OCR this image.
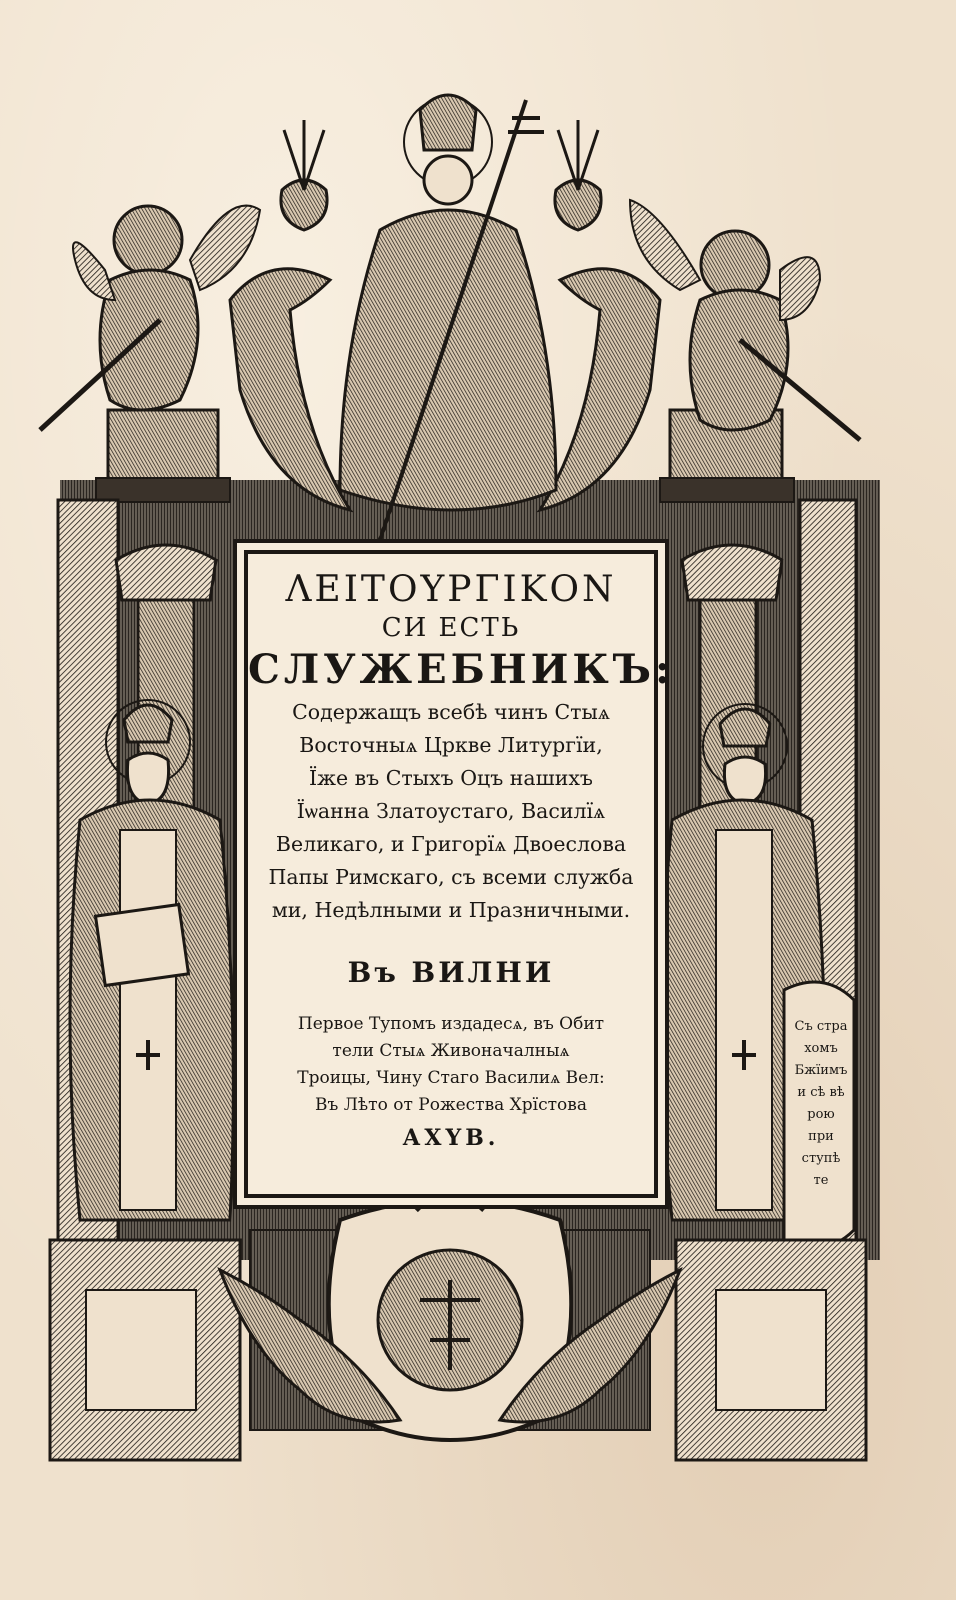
ΛΕΙΤΟΥΡΓΙΚΟΝ
СИ ЕСТЬ
СЛУЖЕБНИКЪ:
Содержащъ всебѣ чинъ Стыѧ
Восточныѧ Цркве Литургїи,
Їже въ Стыхъ Оцъ нашихъ
Їѡанна Златоустаго, Василїѧ
Великаго, и Григорїѧ Двоеслова
Папы Римскаго, съ всеми служба
ми, Недѣлными и Празничными.
Въ ВИЛНИ
Первое Тупомъ издадесѧ, въ Обит
тели Стыѧ Живоначалныѧ
Троицы, Чину Стаго Василиѧ Вел:
Въ Лѣто от Рожества Хрїстова
АΧΥВ.
Съ стра
хомъ
Бжїимъ
и сѣ вѣ
рою
при
ступѣ
те
